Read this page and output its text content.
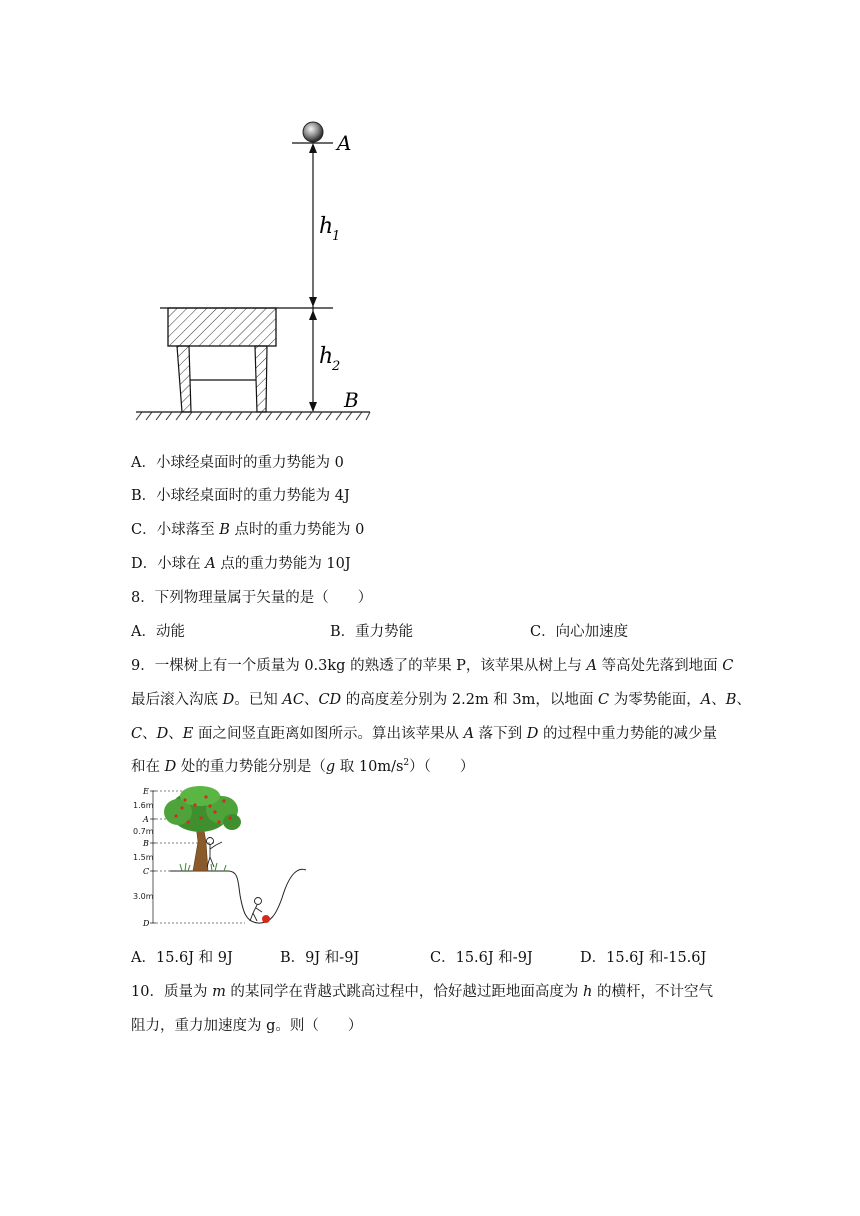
A
B
h
1
h
2
A．小球经桌面时的重力势能为 0
B．小球经桌面时的重力势能为 4J
C．小球落至 B 点时的重力势能为 0
D．小球在 A 点的重力势能为 10J
8．下列物理量属于矢量的是（　　）
A．动能	B．重力势能	C．向心加速度
9．一棵树上有一个质量为 0.3kg 的熟透了的苹果 P，该苹果从树上与 A 等高处先落到地面 C
最后滚入沟底 D。已知 AC、CD 的高度差分别为 2.2m 和 3m，以地面 C 为零势能面，A、B、
C、D、E 面之间竖直距离如图所示。算出该苹果从 A 落下到 D 的过程中重力势能的减少量
和在 D 处的重力势能分别是（g 取 $10m/s^2$）（　　）
E
A
B
C
D
1.6m
0.7m
1.5m
3.0m
A．15.6J 和 9J	B．9J 和-9J	C．15.6J 和-9J	D．15.6J 和-15.6J
10．质量为 m 的某同学在背越式跳高过程中，恰好越过距地面高度为 h 的横杆，不计空气
阻力，重力加速度为 g。则（　　）
